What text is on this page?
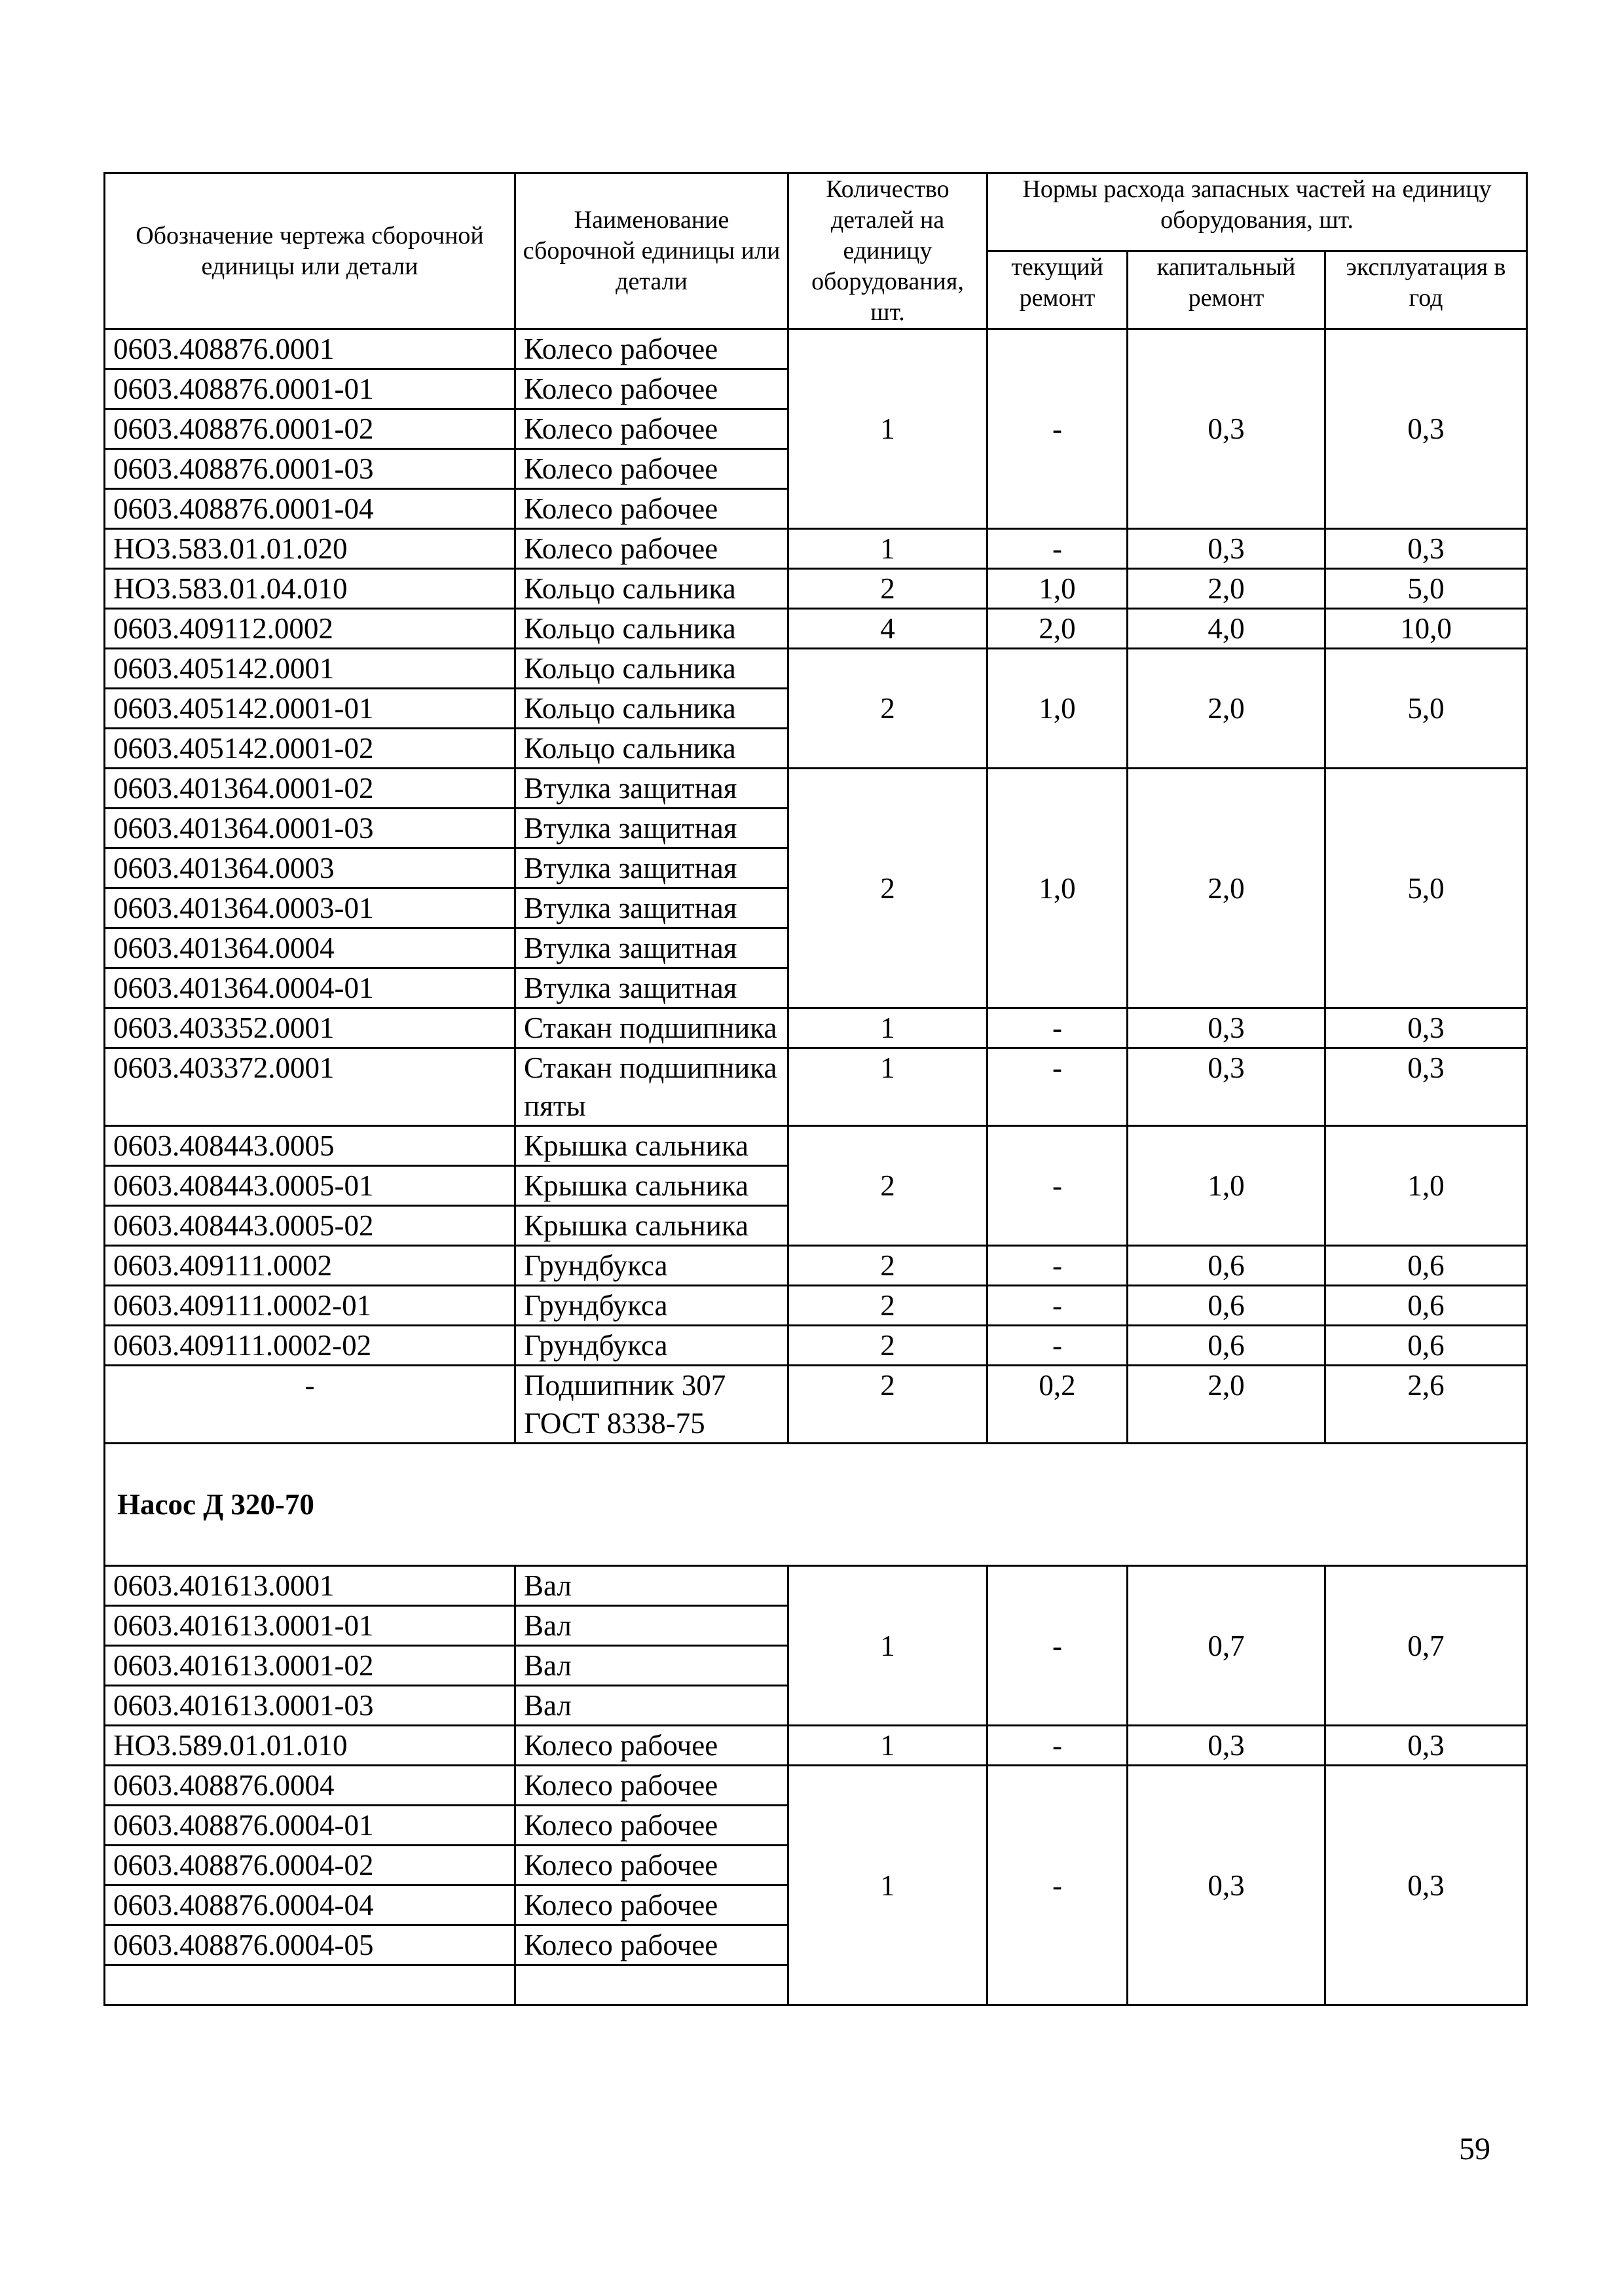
Обозначение чертежа сборочной единицы или детали	Наименование сборочной единицы или детали	Количество деталей на единицу оборудования, шт.	Нормы расхода запасных частей на единицу оборудования, шт.		
			текущий ремонт	капитальный ремонт	эксплуатация в год
0603.408876.0001	Колесо рабочее	1	-	0,3	0,3
0603.408876.0001-01	Колесо рабочее				
0603.408876.0001-02	Колесо рабочее				
0603.408876.0001-03	Колесо рабочее				
0603.408876.0001-04	Колесо рабочее				
НО3.583.01.01.020	Колесо рабочее	1	-	0,3	0,3
НО3.583.01.04.010	Кольцо сальника	2	1,0	2,0	5,0
0603.409112.0002	Кольцо сальника	4	2,0	4,0	10,0
0603.405142.0001	Кольцо сальника	2	1,0	2,0	5,0
0603.405142.0001-01	Кольцо сальника				
0603.405142.0001-02	Кольцо сальника				
0603.401364.0001-02	Втулка защитная	2	1,0	2,0	5,0
0603.401364.0001-03	Втулка защитная				
0603.401364.0003	Втулка защитная				
0603.401364.0003-01	Втулка защитная				
0603.401364.0004	Втулка защитная				
0603.401364.0004-01	Втулка защитная				
0603.403352.0001	Стакан подшипника	1	-	0,3	0,3
0603.403372.0001	Стакан подшипника пяты	1	-	0,3	0,3
0603.408443.0005	Крышка сальника	2	-	1,0	1,0
0603.408443.0005-01	Крышка сальника				
0603.408443.0005-02	Крышка сальника				
0603.409111.0002	Грундбукса	2	-	0,6	0,6
0603.409111.0002-01	Грундбукса	2	-	0,6	0,6
0603.409111.0002-02	Грундбукса	2	-	0,6	0,6
-	Подшипник 307 ГОСТ 8338-75	2	0,2	2,0	2,6
Насос Д 320-70					
0603.401613.0001	Вал	1	-	0,7	0,7
0603.401613.0001-01	Вал				
0603.401613.0001-02	Вал				
0603.401613.0001-03	Вал				
НО3.589.01.01.010	Колесо рабочее	1	-	0,3	0,3
0603.408876.0004	Колесо рабочее	1	-	0,3	0,3
0603.408876.0004-01	Колесо рабочее				
0603.408876.0004-02	Колесо рабочее				
0603.408876.0004-04	Колесо рабочее				
0603.408876.0004-05	Колесо рабочее				

59
